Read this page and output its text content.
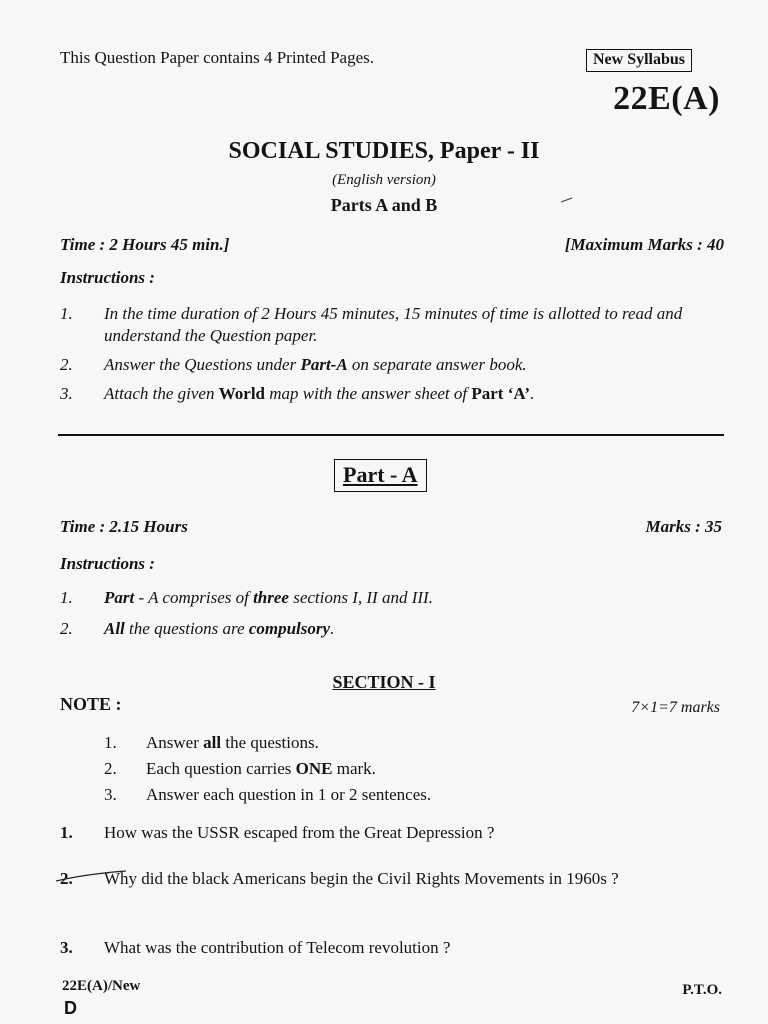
This Question Paper contains 4 Printed Pages.	New Syllabus
22E(A)
SOCIAL STUDIES, Paper - II
(English version)
Parts A and B
Time : 2 Hours 45 min.]	[Maximum Marks : 40
Instructions :
1.	In the time duration of 2 Hours 45 minutes, 15 minutes of time is allotted to read and understand the Question paper.
2.	Answer the Questions under Part-A on separate answer book.
3.	Attach the given World map with the answer sheet of Part ‘A’.
Part - A
Time : 2.15 Hours	Marks : 35
Instructions :
1.	Part - A comprises of three sections I, II and III.
2.	All the questions are compulsory.
SECTION - I
NOTE :	7×1=7 marks
1.	Answer all the questions.
2.	Each question carries ONE mark.
3.	Answer each question in 1 or 2 sentences.
1.	How was the USSR escaped from the Great Depression ?
2.	Why did the black Americans begin the Civil Rights Movements in 1960s ?
3.	What was the contribution of Telecom revolution ?
22E(A)/New
D
P.T.O.
